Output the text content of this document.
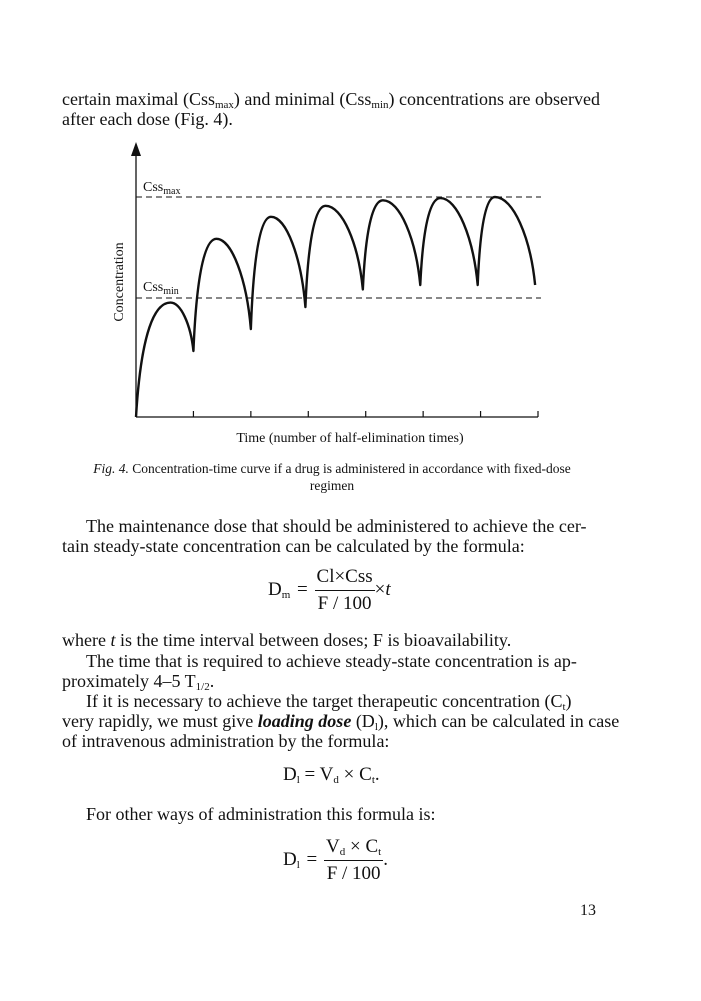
certain maximal (Css$_{max}$) and minimal (Css$_{min}$) concentrations are observed
after each dose (Fig. 4).
Css$_{max}$
Css$_{min}$
Concentration
Time (number of half-elimination times)
Fig. 4. Concentration-time curve if a drug is administered in accordance with fixed-dose
regimen
The maintenance dose that should be administered to achieve the cer-
tain steady-state concentration can be calculated by the formula:
$D_m = \frac{\text{Cl×Css}}{F / 100} \times t$
where t is the time interval between doses; F is bioavailability.
The time that is required to achieve steady-state concentration is ap-
proximately 4–5 $T_{1/2}$.
If it is necessary to achieve the target therapeutic concentration $(C_t)$
very rapidly, we must give loading dose $(D_l)$, which can be calculated in case
of intravenous administration by the formula:
$D_l = V_d \times C_t$.
For other ways of administration this formula is:
$D_l = \frac{V_d \times C_t}{F / 100}$ .
13
